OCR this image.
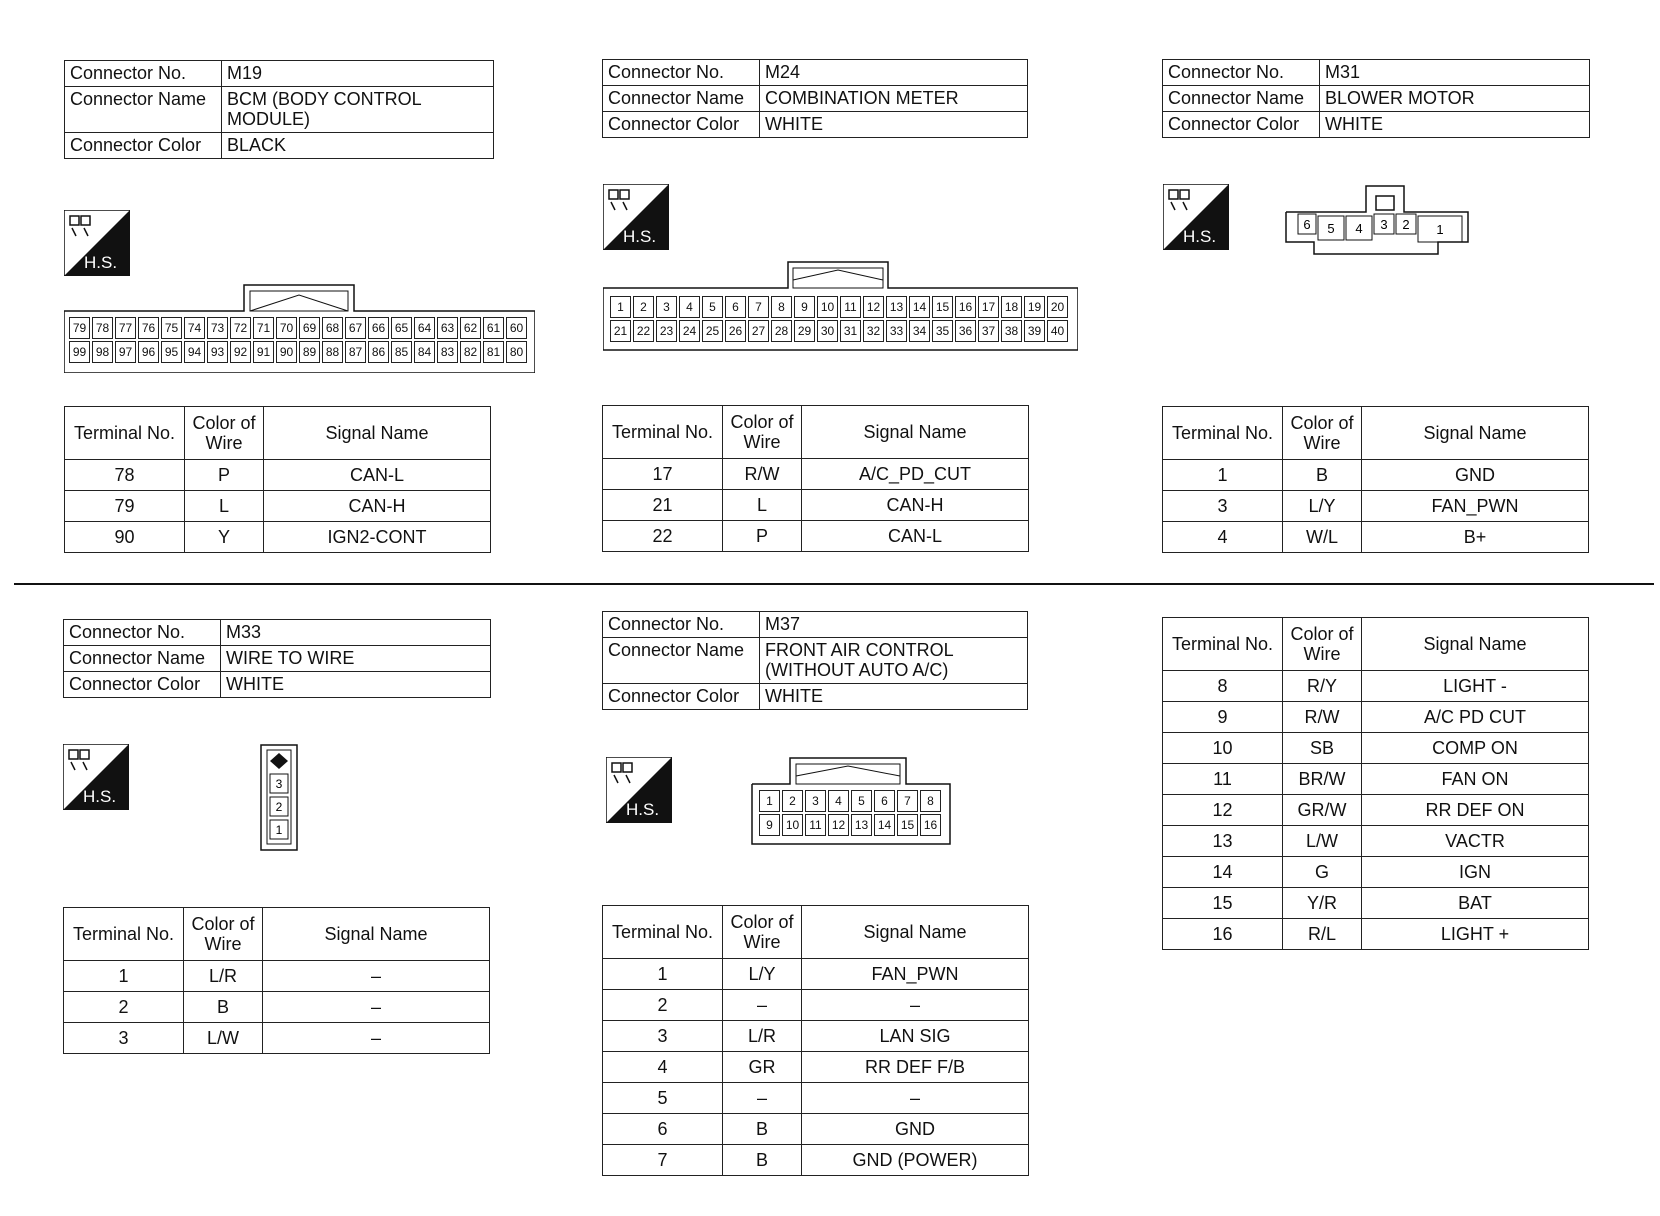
Connector No.	M19
Connector Name	BCM (BODY CONTROL MODULE)
Connector Color	BLACK
H.S.
79 78 77 76 75 74 73 72 71 70 69 68 67 66 65 64 63 62 61 60
99 98 97 96 95 94 93 92 91 90 89 88 87 86 85 84 83 82 81 80
Terminal No.	Color of Wire	Signal Name
78	P	CAN-L
79	L	CAN-H
90	Y	IGN2-CONT
Connector No.	M24
Connector Name	COMBINATION METER
Connector Color	WHITE
H.S.
1	2	3	4	5	6	7	8	9	10 11 12 13 14 15 16 17 18 19 20
21 22 23 24 25 26 27 28 29 30 31 32 33 34 35 36 37 38 39 40
Terminal No.	Color of Wire	Signal Name
17	R/W	A/C_PD_CUT
21	L	CAN-H
22	P	CAN-L
Connector No.	M31
Connector Name	BLOWER MOTOR
Connector Color	WHITE
H.S.
6 5 4 3 2 1
Terminal No.	Color of Wire	Signal Name
1	B	GND
3	L/Y	FAN_PWN
4	W/L	B+
Connector No.	M33
Connector Name	WIRE TO WIRE
Connector Color	WHITE
H.S.
3
2
1
Terminal No.	Color of Wire	Signal Name
1	L/R	–
2	B	–
3	L/W	–
Connector No.	M37
Connector Name	FRONT AIR CONTROL (WITHOUT AUTO A/C)
Connector Color	WHITE
H.S.	1	2	3	4	5	6	7	8
9	10 11 12 13 14 15 16
Terminal No.	Color of Wire	Signal Name
1	L/Y	FAN_PWN
2	–	–
3	L/R	LAN SIG
4	GR	RR DEF F/B
5	–	–
6	B	GND
7	B	GND (POWER)
Terminal No.	Color of Wire	Signal Name
8	R/Y	LIGHT -
9	R/W	A/C PD CUT
10	SB	COMP ON
11	BR/W	FAN ON
12	GR/W	RR DEF ON
13	L/W	VACTR
14	G	IGN
15	Y/R	BAT
16	R/L	LIGHT +
